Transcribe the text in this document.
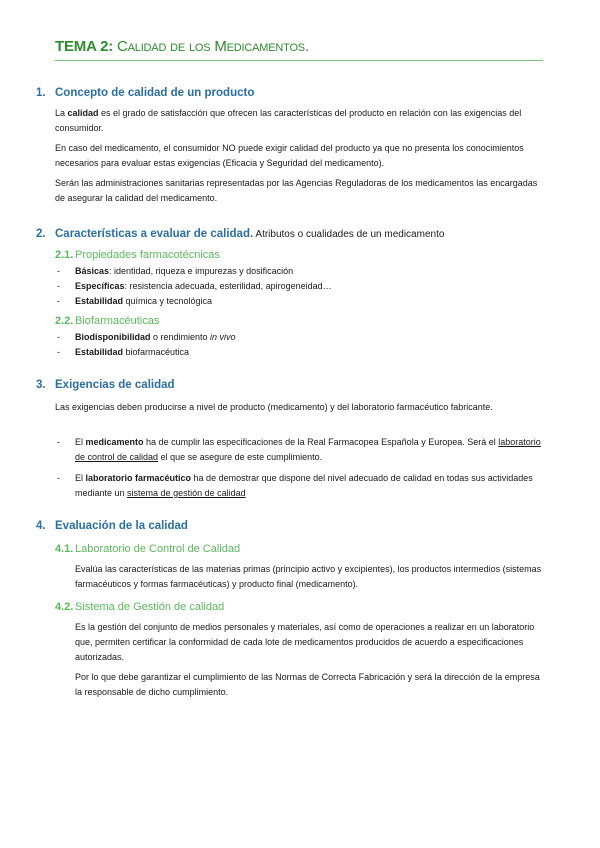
TEMA 2: Calidad de los Medicamentos.
1. Concepto de calidad de un producto
La calidad es el grado de satisfacción que ofrecen las características del producto en relación con las exigencias del consumidor.
En caso del medicamento, el consumidor NO puede exigir calidad del producto ya que no presenta los conocimientos necesarios para evaluar estas exigencias (Eficacia y Seguridad del medicamento).
Serán las administraciones sanitarias representadas por las Agencias Reguladoras de los medicamentos las encargadas de asegurar la calidad del medicamento.
2. Características a evaluar de calidad. Atributos o cualidades de un medicamento
2.1. Propiedades farmacotécnicas
- Básicas: identidad, riqueza e impurezas y dosificación
- Específicas: resistencia adecuada, esterilidad, apirogeneidad…
- Estabilidad química y tecnológica
2.2. Biofarmacéuticas
- Biodisponibilidad o rendimiento in vivo
- Estabilidad biofarmacéutica
3. Exigencias de calidad
Las exigencias deben producirse a nivel de producto (medicamento) y del laboratorio farmacéutico fabricante.
- El medicamento ha de cumplir las especificaciones de la Real Farmacopea Española y Europea. Será el laboratorio de control de calidad el que se asegure de este cumplimiento.
- El laboratorio farmacéutico ha de demostrar que dispone del nivel adecuado de calidad en todas sus actividades mediante un sistema de gestión de calidad
4. Evaluación de la calidad
4.1. Laboratorio de Control de Calidad
Evalúa las características de las materias primas (principio activo y excipientes), los productos intermedios (sistemas farmacéuticos y formas farmacéuticas) y producto final (medicamento).
4.2. Sistema de Gestión de calidad
Es la gestión del conjunto de medios personales y materiales, así como de operaciones a realizar en un laboratorio que, permiten certificar la conformidad de cada lote de medicamentos producidos de acuerdo a especificaciones autorizadas.
Por lo que debe garantizar el cumplimiento de las Normas de Correcta Fabricación y será la dirección de la empresa la responsable de dicho cumplimiento.
